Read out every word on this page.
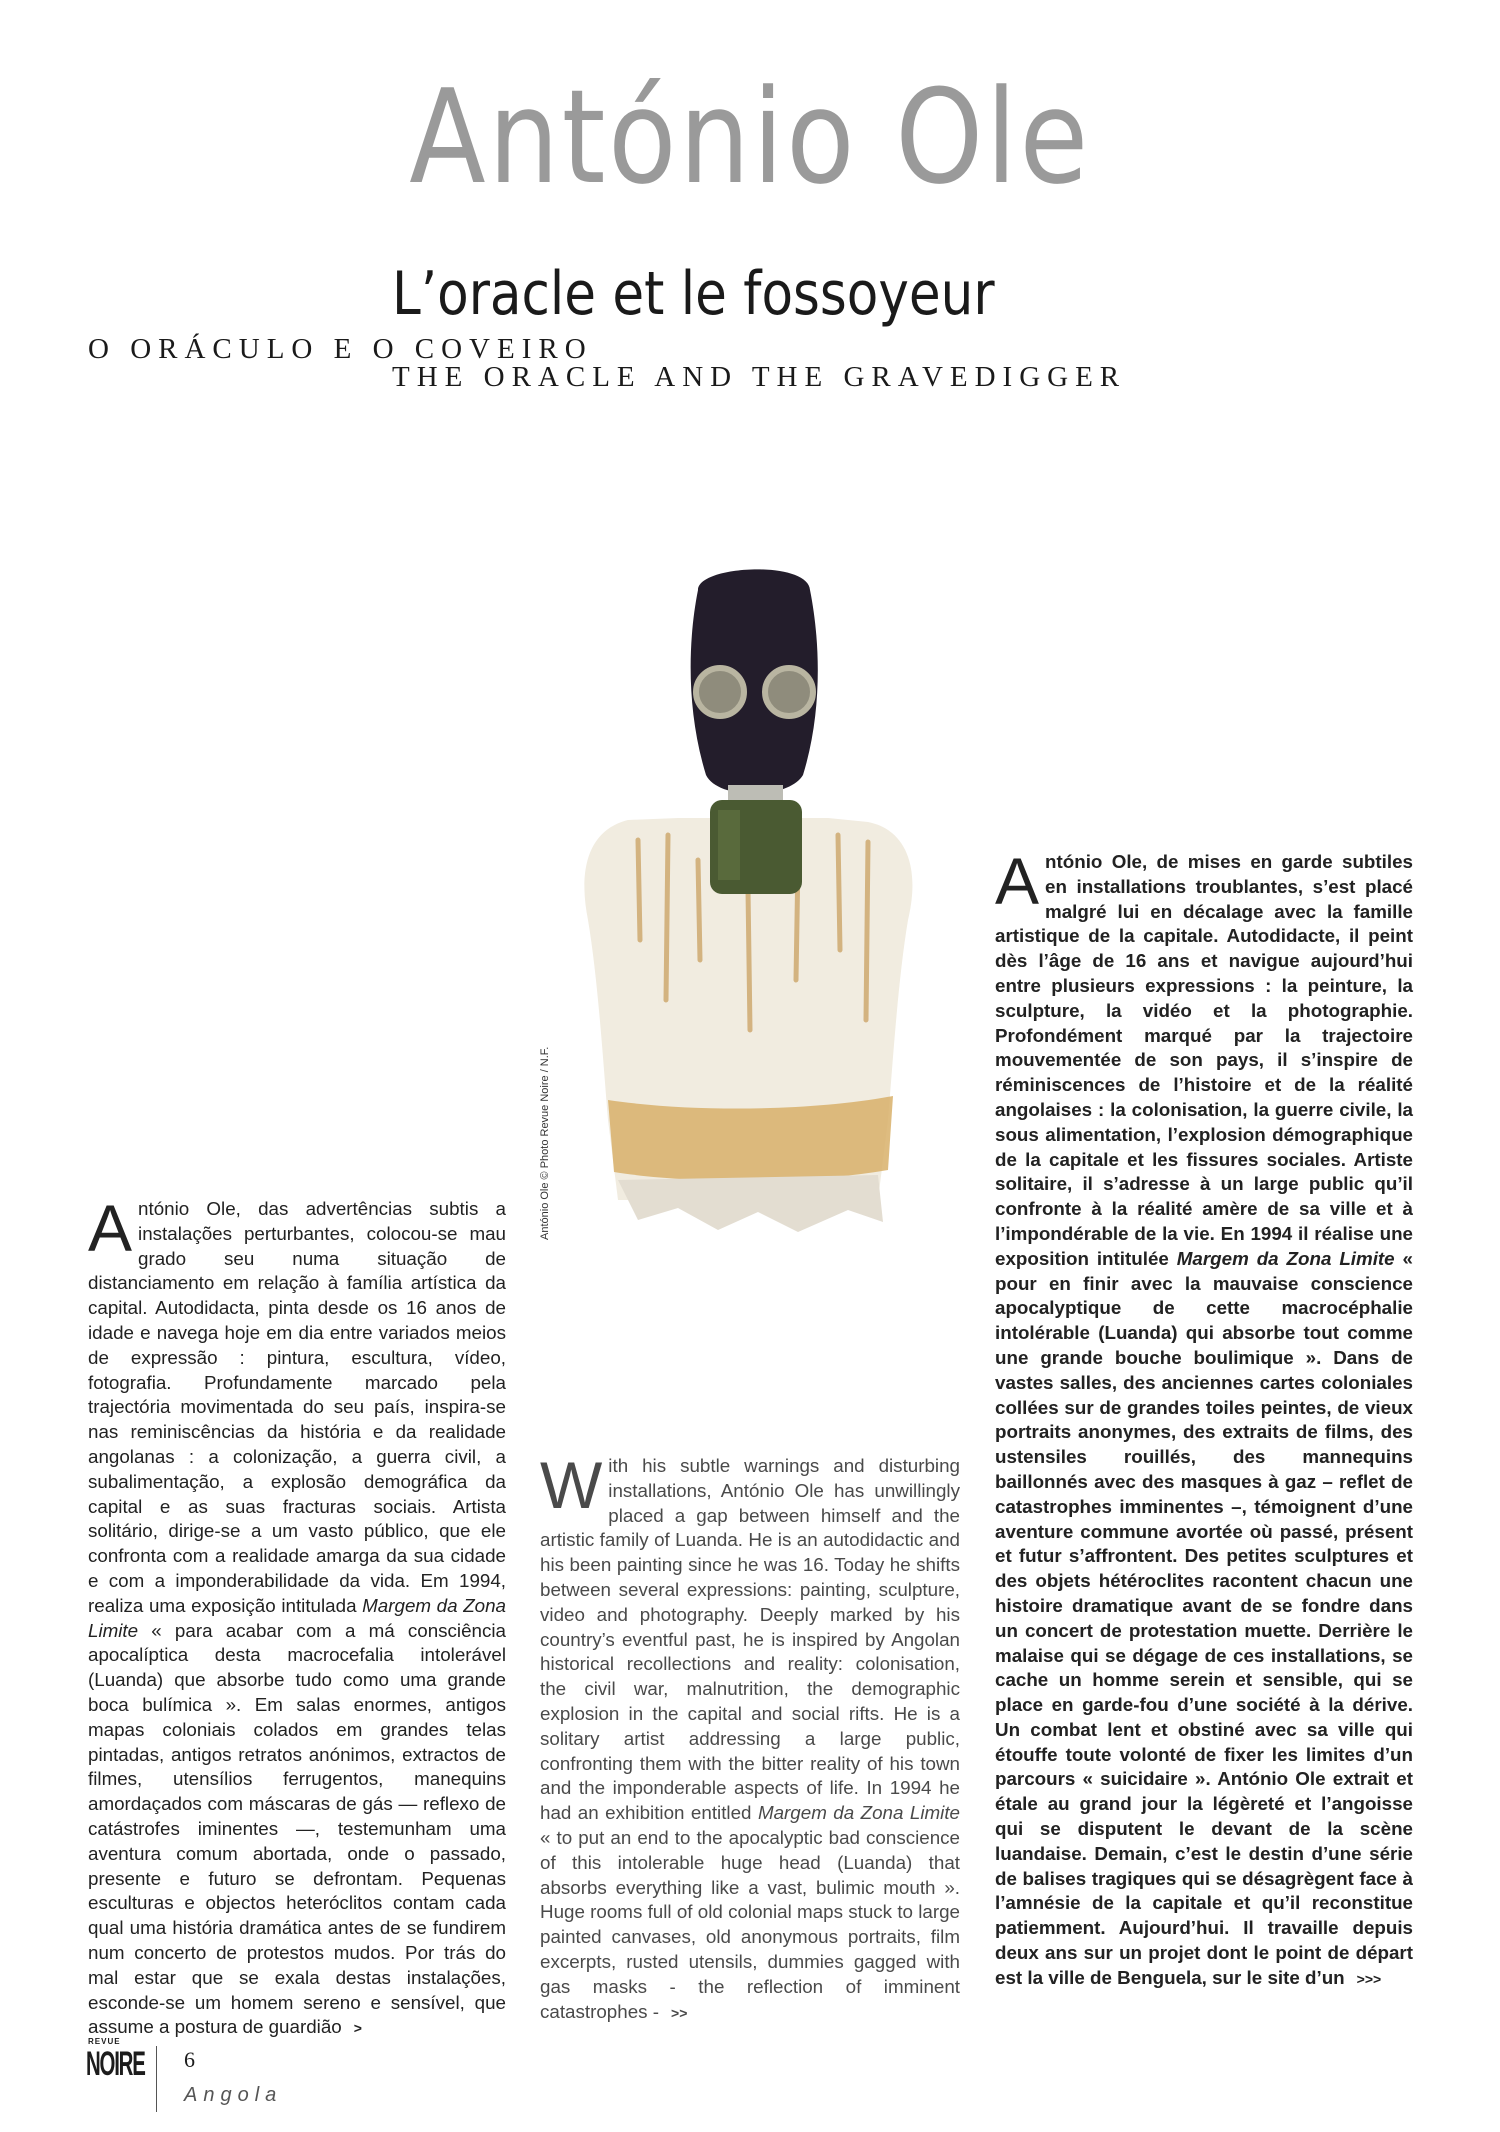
António Ole
L’oracle et le fossoyeur
O ORÁCULO E O COVEIRO
THE ORACLE AND THE GRAVEDIGGER
António Ole © Photo Revue Noire / N.F.

António Ole, das advertências subtis a instalações perturbantes, colocou-se mau grado seu numa situação de distanciamento em relação à família artística da capital. Autodidacta, pinta desde os 16 anos de idade e navega hoje em dia entre variados meios de expressão : pintura, escultura, vídeo, fotografia. Profundamente marcado pela trajectória movimentada do seu país, inspira-se nas reminiscências da história e da realidade angolanas : a colonização, a guerra civil, a subalimentação, a explosão demográfica da capital e as suas fracturas sociais. Artista solitário, dirige-se a um vasto público, que ele confronta com a realidade amarga da sua cidade e com a imponderabilidade da vida. Em 1994, realiza uma exposição intitulada Margem da Zona Limite « para acabar com a má consciência apocalíptica desta macrocefalia intolerável (Luanda) que absorbe tudo como uma grande boca bulímica ». Em salas enormes, antigos mapas coloniais colados em grandes telas pintadas, antigos retratos anónimos, extractos de filmes, utensílios ferrugentos, manequins amordaçados com máscaras de gás — reflexo de catástrofes iminentes —, testemunham uma aventura comum abortada, onde o passado, presente e futuro se defrontam. Pequenas esculturas e objectos heteróclitos contam cada qual uma história dramática antes de se fundirem num concerto de protestos mudos. Por trás do mal estar que se exala destas instalações, esconde-se um homem sereno e sensível, que assume a postura de guardião >

With his subtle warnings and disturbing installations, António Ole has unwillingly placed a gap between himself and the artistic family of Luanda. He is an autodidactic and his been painting since he was 16. Today he shifts between several expressions: painting, sculpture, video and photography. Deeply marked by his country’s eventful past, he is inspired by Angolan historical recollections and reality: colonisation, the civil war, malnutrition, the demographic explosion in the capital and social rifts. He is a solitary artist addressing a large public, confronting them with the bitter reality of his town and the imponderable aspects of life. In 1994 he had an exhibition entitled Margem da Zona Limite « to put an end to the apocalyptic bad conscience of this intolerable huge head (Luanda) that absorbs everything like a vast, bulimic mouth ». Huge rooms full of old colonial maps stuck to large painted canvases, old anonymous portraits, film excerpts, rusted utensils, dummies gagged with gas masks - the reflection of imminent catastrophes - >>

António Ole, de mises en garde subtiles en installations troublantes, s’est placé malgré lui en décalage avec la famille artistique de la capitale. Autodidacte, il peint dès l’âge de 16 ans et navigue aujourd’hui entre plusieurs expressions : la peinture, la sculpture, la vidéo et la photographie. Profondément marqué par la trajectoire mouvementée de son pays, il s’inspire de réminiscences de l’histoire et de la réalité angolaises : la colonisation, la guerre civile, la sous alimentation, l’explosion démographique de la capitale et les fissures sociales. Artiste solitaire, il s’adresse à un large public qu’il confronte à la réalité amère de sa ville et à l’impondérable de la vie. En 1994 il réalise une exposition intitulée Margem da Zona Limite « pour en finir avec la mauvaise conscience apocalyptique de cette macrocéphalie intolérable (Luanda) qui absorbe tout comme une grande bouche boulimique ». Dans de vastes salles, des anciennes cartes coloniales collées sur de grandes toiles peintes, de vieux portraits anonymes, des extraits de films, des ustensiles rouillés, des mannequins baillonnés avec des masques à gaz – reflet de catastrophes imminentes –, témoignent d’une aventure commune avortée où passé, présent et futur s’affrontent. Des petites sculptures et des objets hétéroclites racontent chacun une histoire dramatique avant de se fondre dans un concert de protestation muette. Derrière le malaise qui se dégage de ces installations, se cache un homme serein et sensible, qui se place en garde-fou d’une société à la dérive. Un combat lent et obstiné avec sa ville qui étouffe toute volonté de fixer les limites d’un parcours « suicidaire ». António Ole extrait et étale au grand jour la légèreté et l’angoisse qui se disputent le devant de la scène luandaise. Demain, c’est le destin d’une série de balises tragiques qui se désagrègent face à l’amnésie de la capitale et qu’il reconstitue patiemment. Aujourd’hui. Il travaille depuis deux ans sur un projet dont le point de départ est la ville de Benguela, sur le site d’un >>>

REVUE
NOIRE 6
Angola
